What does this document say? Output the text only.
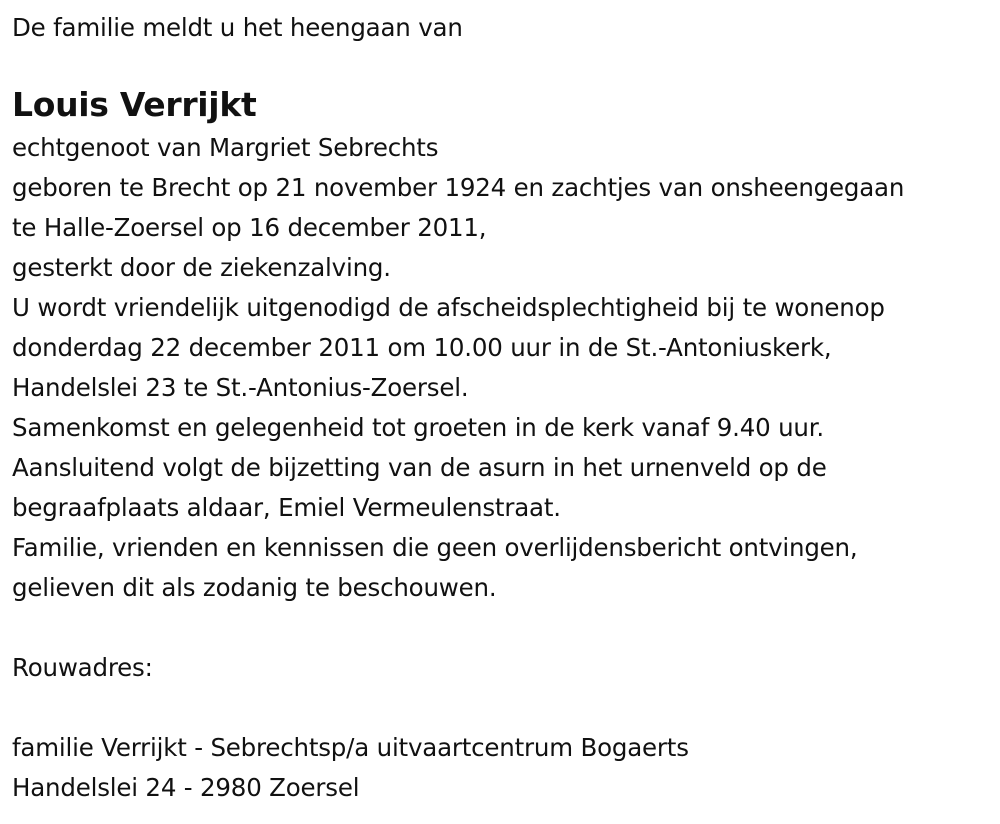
De familie meldt u het heengaan van
Louis Verrijkt
echtgenoot van Margriet Sebrechts
geboren te Brecht op 21 november 1924 en zachtjes van onsheengegaan
te Halle-Zoersel op 16 december 2011,
gesterkt door de ziekenzalving.
U wordt vriendelijk uitgenodigd de afscheidsplechtigheid bij te wonenop
donderdag 22 december 2011 om 10.00 uur in de St.-Antoniuskerk,
Handelslei 23 te St.-Antonius-Zoersel.
Samenkomst en gelegenheid tot groeten in de kerk vanaf 9.40 uur.
Aansluitend volgt de bijzetting van de asurn in het urnenveld op de
begraafplaats aldaar, Emiel Vermeulenstraat.
Familie, vrienden en kennissen die geen overlijdensbericht ontvingen,
gelieven dit als zodanig te beschouwen.
Rouwadres:
familie Verrijkt - Sebrechtsp/a uitvaartcentrum Bogaerts
Handelslei 24 - 2980 Zoersel
